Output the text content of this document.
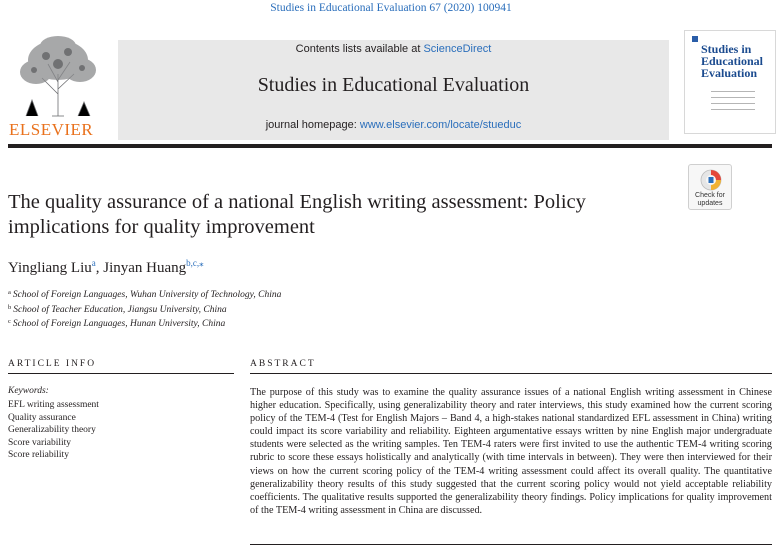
Studies in Educational Evaluation 67 (2020) 100941
ELSEVIER
Contents lists available at ScienceDirect
Studies in Educational Evaluation
journal homepage: www.elsevier.com/locate/stueduc
Studies in Educational Evaluation
The quality assurance of a national English writing assessment: Policy implications for quality improvement
Check for
updates
Yingliang Liu$^a$, Jinyan Huang$^{b,c,⁎}$
$^a$ School of Foreign Languages, Wuhan University of Technology, China
$^b$ School of Teacher Education, Jiangsu University, China
$^c$ School of Foreign Languages, Hunan University, China
ARTICLE INFO
Keywords:
EFL writing assessment
Quality assurance
Generalizability theory
Score variability
Score reliability
ABSTRACT
The purpose of this study was to examine the quality assurance issues of a national English writing assessment in Chinese higher education. Specifically, using generalizability theory and rater interviews, this study examined how the current scoring policy of the TEM-4 (Test for English Majors – Band 4, a high-stakes national standardized EFL assessment in China) writing could impact its score variability and reliability. Eighteen argumentative essays written by nine English major undergraduate students were selected as the writing samples. Ten TEM-4 raters were first invited to use the authentic TEM-4 writing scoring rubric to score these essays holistically and analytically (with time intervals in between). They were then interviewed for their views on how the current scoring policy of the TEM-4 writing assessment could affect its overall quality. The quantitative generalizability theory results of this study suggested that the current scoring policy would not yield acceptable reliability coefficients. The qualitative results supported the generalizability theory findings. Policy implications for quality improvement of the TEM-4 writing assessment in China are discussed.
